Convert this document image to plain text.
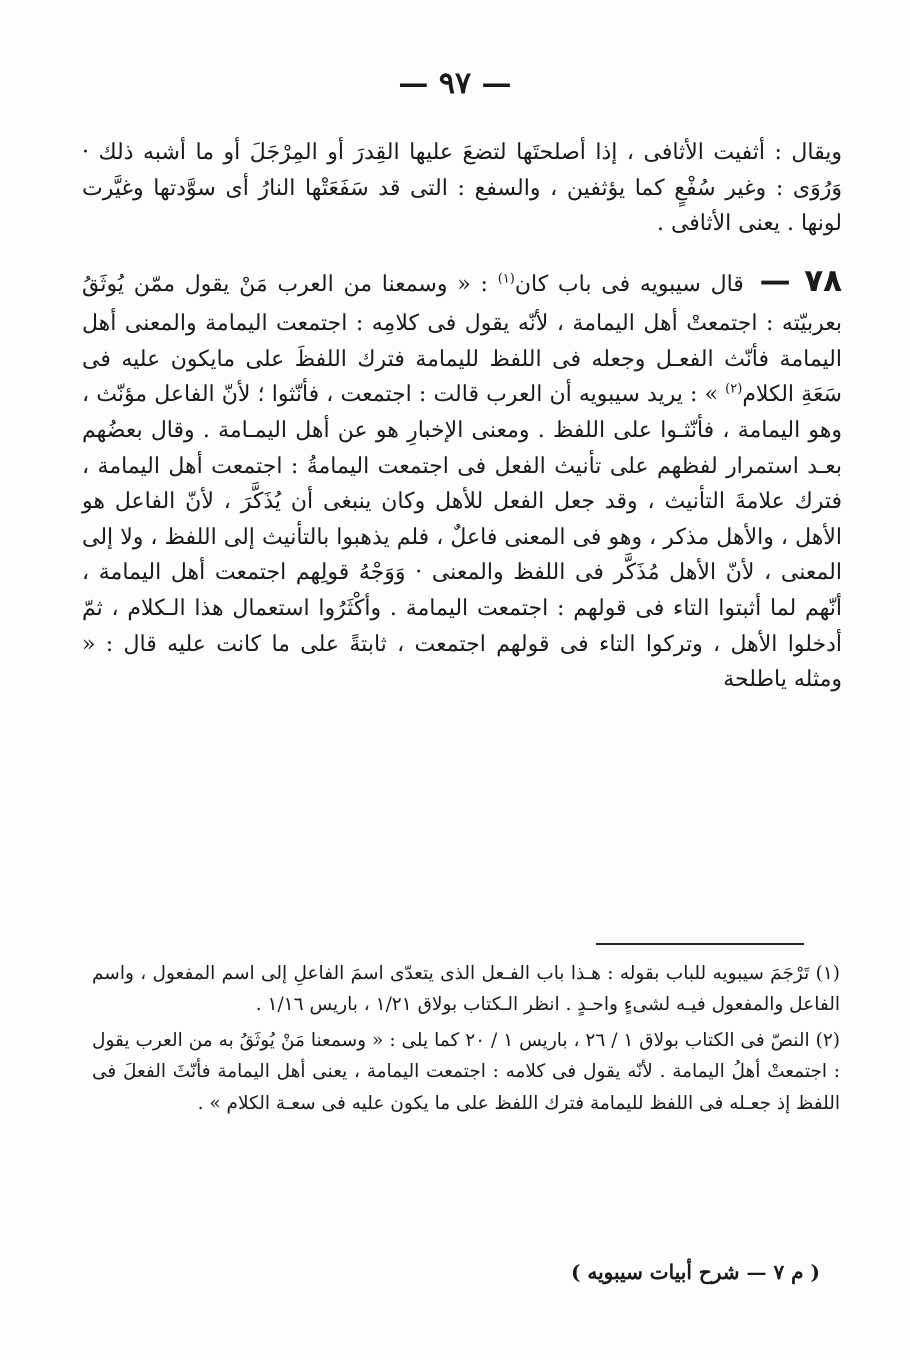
— ٩٧ —

ويقال : أثفيت الأثافى ، إذا أصلحتَها لتضعَ عليها القِدرَ أو المِرْجَلَ أو ما أشبه ذلك · وَرُوَى : وغير سُفْعٍ كما يؤثفين ، والسفع : التى قد سَفَعَتْها النارُ أى سوَّدتها وغيَّرت لونها . يعنى الأثافى .

٧٨ — قال سيبويه فى باب كان$^{(١)}$ : « وسمعنا من العرب مَنْ يقول ممّن يُوثَقُ بعربيّته : اجتمعتْ أهل اليمامة ، لأنّه يقول فى كلامِه : اجتمعت اليمامة والمعنى أهل اليمامة فأنّث الفعـل وجعله فى اللفظ لليمامة فترك اللفظَ على مايكون عليه فى سَعَةِ الكلام$^{(٢)}$ » : يريد سيبويه أن العرب قالت : اجتمعت ، فأنّثوا ؛ لأنّ الفاعل مؤنّث ، وهو اليمامة ، فأنّثـوا على اللفظ . ومعنى الإخبارِ هو عن أهل اليمـامة . وقال بعضُهم بعـد استمرار لفظهم على تأنيث الفعل فى اجتمعت اليمامةُ : اجتمعت أهل اليمامة ، فترك علامةَ التأنيث ، وقد جعل الفعل للأهل وكان ينبغى أن يُذَكَّرَ ، لأنّ الفاعل هو الأهل ، والأهل مذكر ، وهو فى المعنى فاعلٌ ، فلم يذهبوا بالتأنيث إلى اللفظ ، ولا إلى المعنى ، لأنّ الأهل مُذَكَّر فى اللفظ والمعنى · وَوَجْهُ قولِهم اجتمعت أهل اليمامة ، أنّهم لما أثبتوا التاء فى قولهم : اجتمعت اليمامة . وأكْثَرُوا استعمال هذا الـكلام ، ثمّ أدخلوا الأهل ، وتركوا التاء فى قولهم اجتمعت ، ثابتةً على ما كانت عليه قال : « ومثله ياطلحة

(١) تَرْجَمَ سيبويه للباب بقوله : هـذا باب الفـعل الذى يتعدّى اسمَ الفاعلِ إلى اسم المفعول ، واسم الفاعل والمفعول فيـه لشىءٍ واحـدٍ . انظر الـكتاب بولاق ١/٢١ ، باريس ١/١٦ .

(٢) النصّ فى الكتاب بولاق ١ / ٢٦ ، باريس ١ / ٢٠ كما يلى : « وسمعنا مَنْ يُوثَقُ به من العرب يقول : اجتمعتْ أهلُ اليمامة . لأنّه يقول فى كلامه : اجتمعت اليمامة ، يعنى أهل اليمامة فأنّثَ الفعلَ فى اللفظ إذ جعـله فى اللفظ لليمامة فترك اللفظ على ما يكون عليه فى سعـة الكلام » .

( م ٧ — شرح أبيات سيبويه )
